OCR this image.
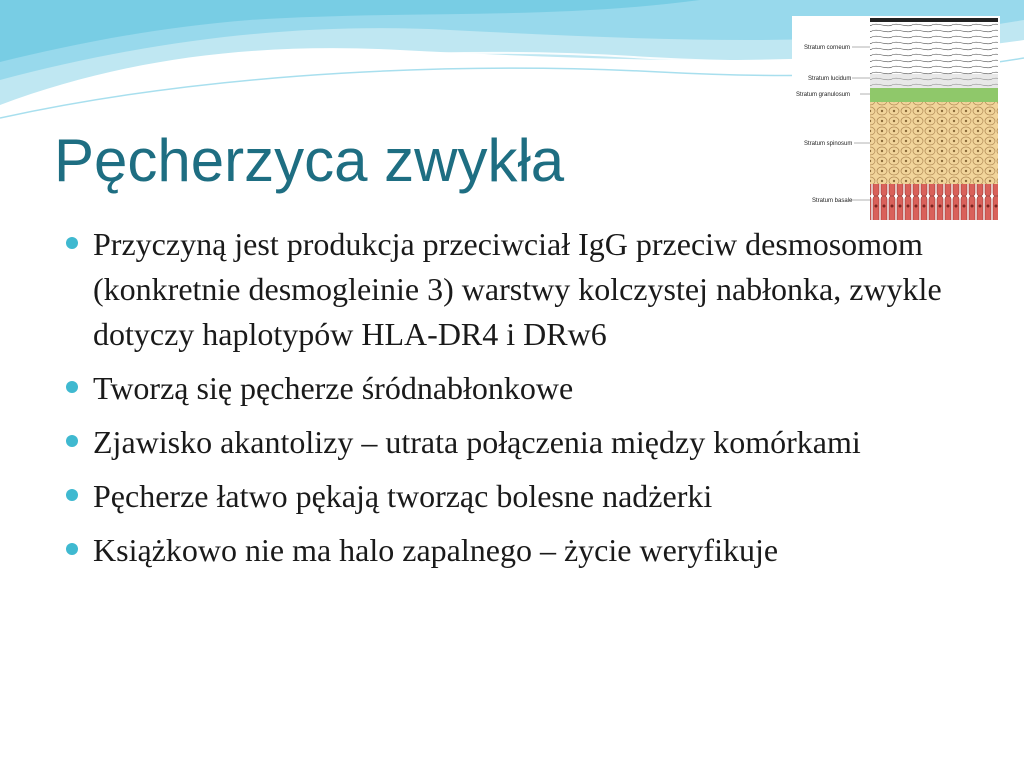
Pęcherzyca zwykła
Stratum corneum
Stratum lucidum
Stratum granulosum
Stratum spinosum
Stratum basale
Przyczyną jest produkcja przeciwciał IgG przeciw desmosomom (konkretnie desmogleinie 3) warstwy kolczystej nabłonka, zwykle dotyczy haplotypów HLA-DR4 i DRw6
Tworzą się pęcherze śródnabłonkowe
Zjawisko akantolizy – utrata połączenia między komórkami
Pęcherze łatwo pękają tworząc bolesne nadżerki
Książkowo nie ma halo zapalnego – życie weryfikuje
